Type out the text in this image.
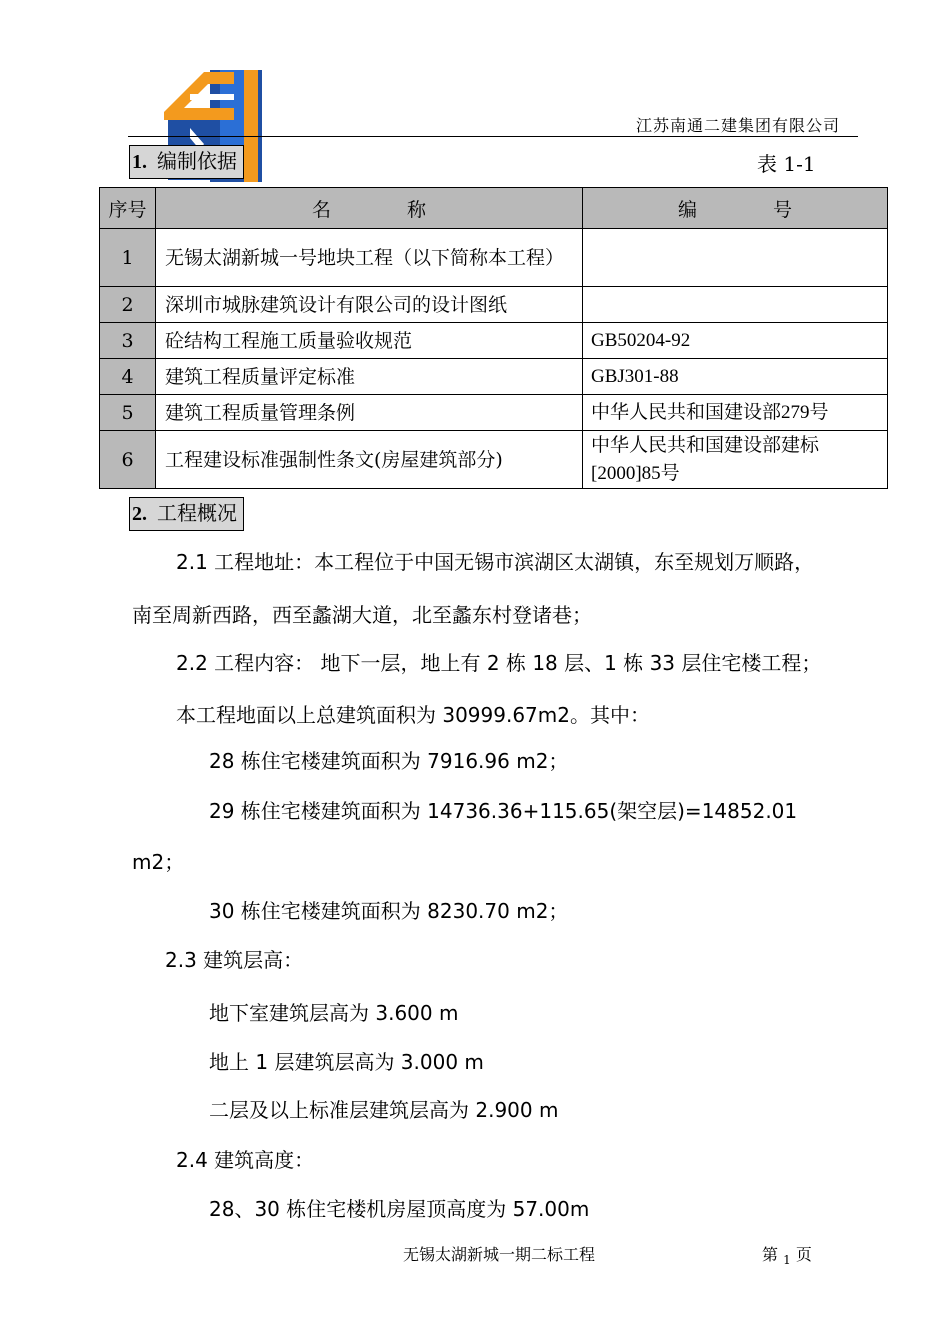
江苏南通二建集团有限公司
1. 编制依据	表 1-1
序号	名　　　　称	编　　　　号
1	无锡太湖新城一号地块工程（以下简称本工程）	
2	深圳市城脉建筑设计有限公司的设计图纸	
3	砼结构工程施工质量验收规范	GB50204-92
4	建筑工程质量评定标准	GBJ301-88
5	建筑工程质量管理条例	中华人民共和国建设部279号
6	工程建设标准强制性条文(房屋建筑部分)	中华人民共和国建设部建标[2000]85号
2. 工程概况
2.1 工程地址：本工程位于中国无锡市滨湖区太湖镇，东至规划万顺路，
南至周新西路，西至蠡湖大道，北至蠡东村登诸巷；
2.2 工程内容： 地下一层，地上有 2 栋 18 层、1 栋 33 层住宅楼工程；
本工程地面以上总建筑面积为 30999.67m2。其中：
28 栋住宅楼建筑面积为 7916.96 m2；
29 栋住宅楼建筑面积为 14736.36+115.65(架空层)=14852.01
m2；
30 栋住宅楼建筑面积为 8230.70 m2；
2.3 建筑层高：
地下室建筑层高为 3.600 m
地上 1 层建筑层高为 3.000 m
二层及以上标准层建筑层高为 2.900 m
2.4 建筑高度：
28、30 栋住宅楼机房屋顶高度为 57.00m
无锡太湖新城一期二标工程	第 $_1$ 页
